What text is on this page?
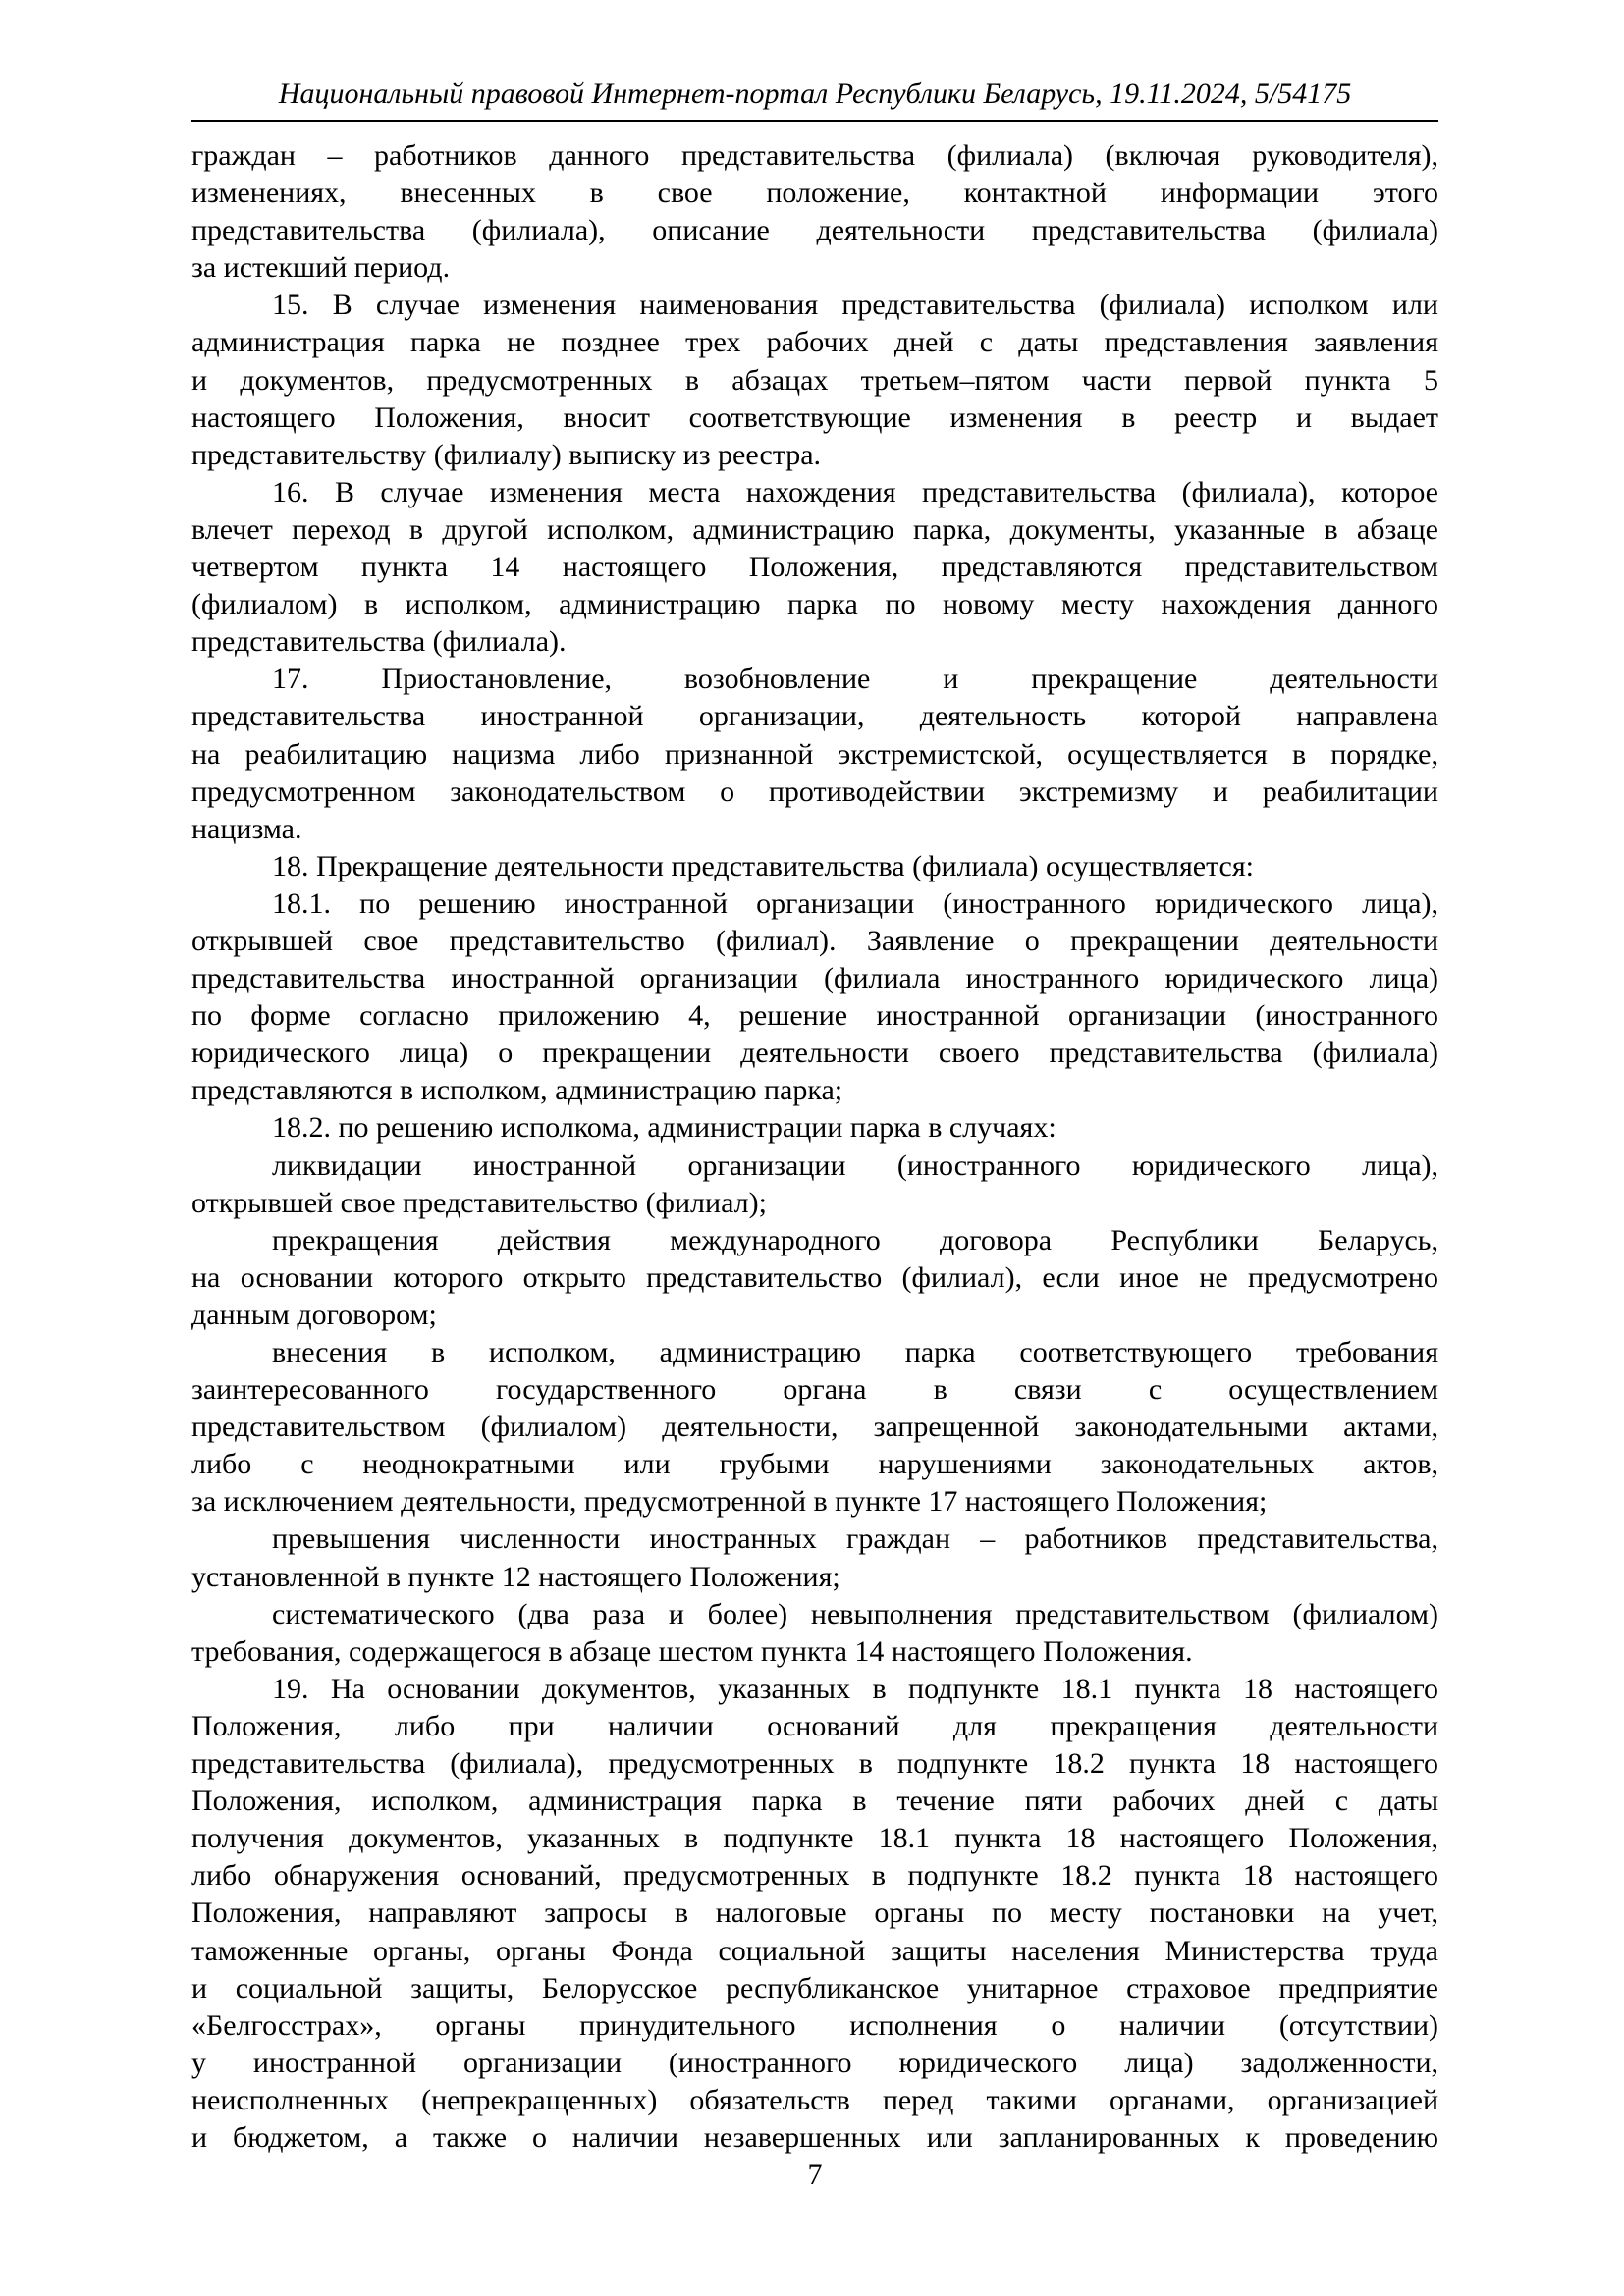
Национальный правовой Интернет-портал Республики Беларусь, 19.11.2024, 5/54175

граждан – работников данного представительства (филиала) (включая руководителя),

изменениях, внесенных в свое положение, контактной информации этого

представительства (филиала), описание деятельности представительства (филиала)

за истекший период.

15. В случае изменения наименования представительства (филиала) исполком или

администрация парка не позднее трех рабочих дней с даты представления заявления

и документов, предусмотренных в абзацах третьем–пятом части первой пункта 5

настоящего Положения, вносит соответствующие изменения в реестр и выдает

представительству (филиалу) выписку из реестра.

16. В случае изменения места нахождения представительства (филиала), которое

влечет переход в другой исполком, администрацию парка, документы, указанные в абзаце

четвертом пункта 14 настоящего Положения, представляются представительством

(филиалом) в исполком, администрацию парка по новому месту нахождения данного

представительства (филиала).

17. Приостановление, возобновление и прекращение деятельности

представительства иностранной организации, деятельность которой направлена

на реабилитацию нацизма либо признанной экстремистской, осуществляется в порядке,

предусмотренном законодательством о противодействии экстремизму и реабилитации

нацизма.

18. Прекращение деятельности представительства (филиала) осуществляется:

18.1. по решению иностранной организации (иностранного юридического лица),

открывшей свое представительство (филиал). Заявление о прекращении деятельности

представительства иностранной организации (филиала иностранного юридического лица)

по форме согласно приложению 4, решение иностранной организации (иностранного

юридического лица) о прекращении деятельности своего представительства (филиала)

представляются в исполком, администрацию парка;

18.2. по решению исполкома, администрации парка в случаях:

ликвидации иностранной организации (иностранного юридического лица),

открывшей свое представительство (филиал);

прекращения действия международного договора Республики Беларусь,

на основании которого открыто представительство (филиал), если иное не предусмотрено

данным договором;

внесения в исполком, администрацию парка соответствующего требования

заинтересованного государственного органа в связи с осуществлением

представительством (филиалом) деятельности, запрещенной законодательными актами,

либо с неоднократными или грубыми нарушениями законодательных актов,

за исключением деятельности, предусмотренной в пункте 17 настоящего Положения;

превышения численности иностранных граждан – работников представительства,

установленной в пункте 12 настоящего Положения;

систематического (два раза и более) невыполнения представительством (филиалом)

требования, содержащегося в абзаце шестом пункта 14 настоящего Положения.

19. На основании документов, указанных в подпункте 18.1 пункта 18 настоящего

Положения, либо при наличии оснований для прекращения деятельности

представительства (филиала), предусмотренных в подпункте 18.2 пункта 18 настоящего

Положения, исполком, администрация парка в течение пяти рабочих дней с даты

получения документов, указанных в подпункте 18.1 пункта 18 настоящего Положения,

либо обнаружения оснований, предусмотренных в подпункте 18.2 пункта 18 настоящего

Положения, направляют запросы в налоговые органы по месту постановки на учет,

таможенные органы, органы Фонда социальной защиты населения Министерства труда

и социальной защиты, Белорусское республиканское унитарное страховое предприятие

«Белгосстрах», органы принудительного исполнения о наличии (отсутствии)

у иностранной организации (иностранного юридического лица) задолженности,

неисполненных (непрекращенных) обязательств перед такими органами, организацией

и бюджетом, а также о наличии незавершенных или запланированных к проведению

7
